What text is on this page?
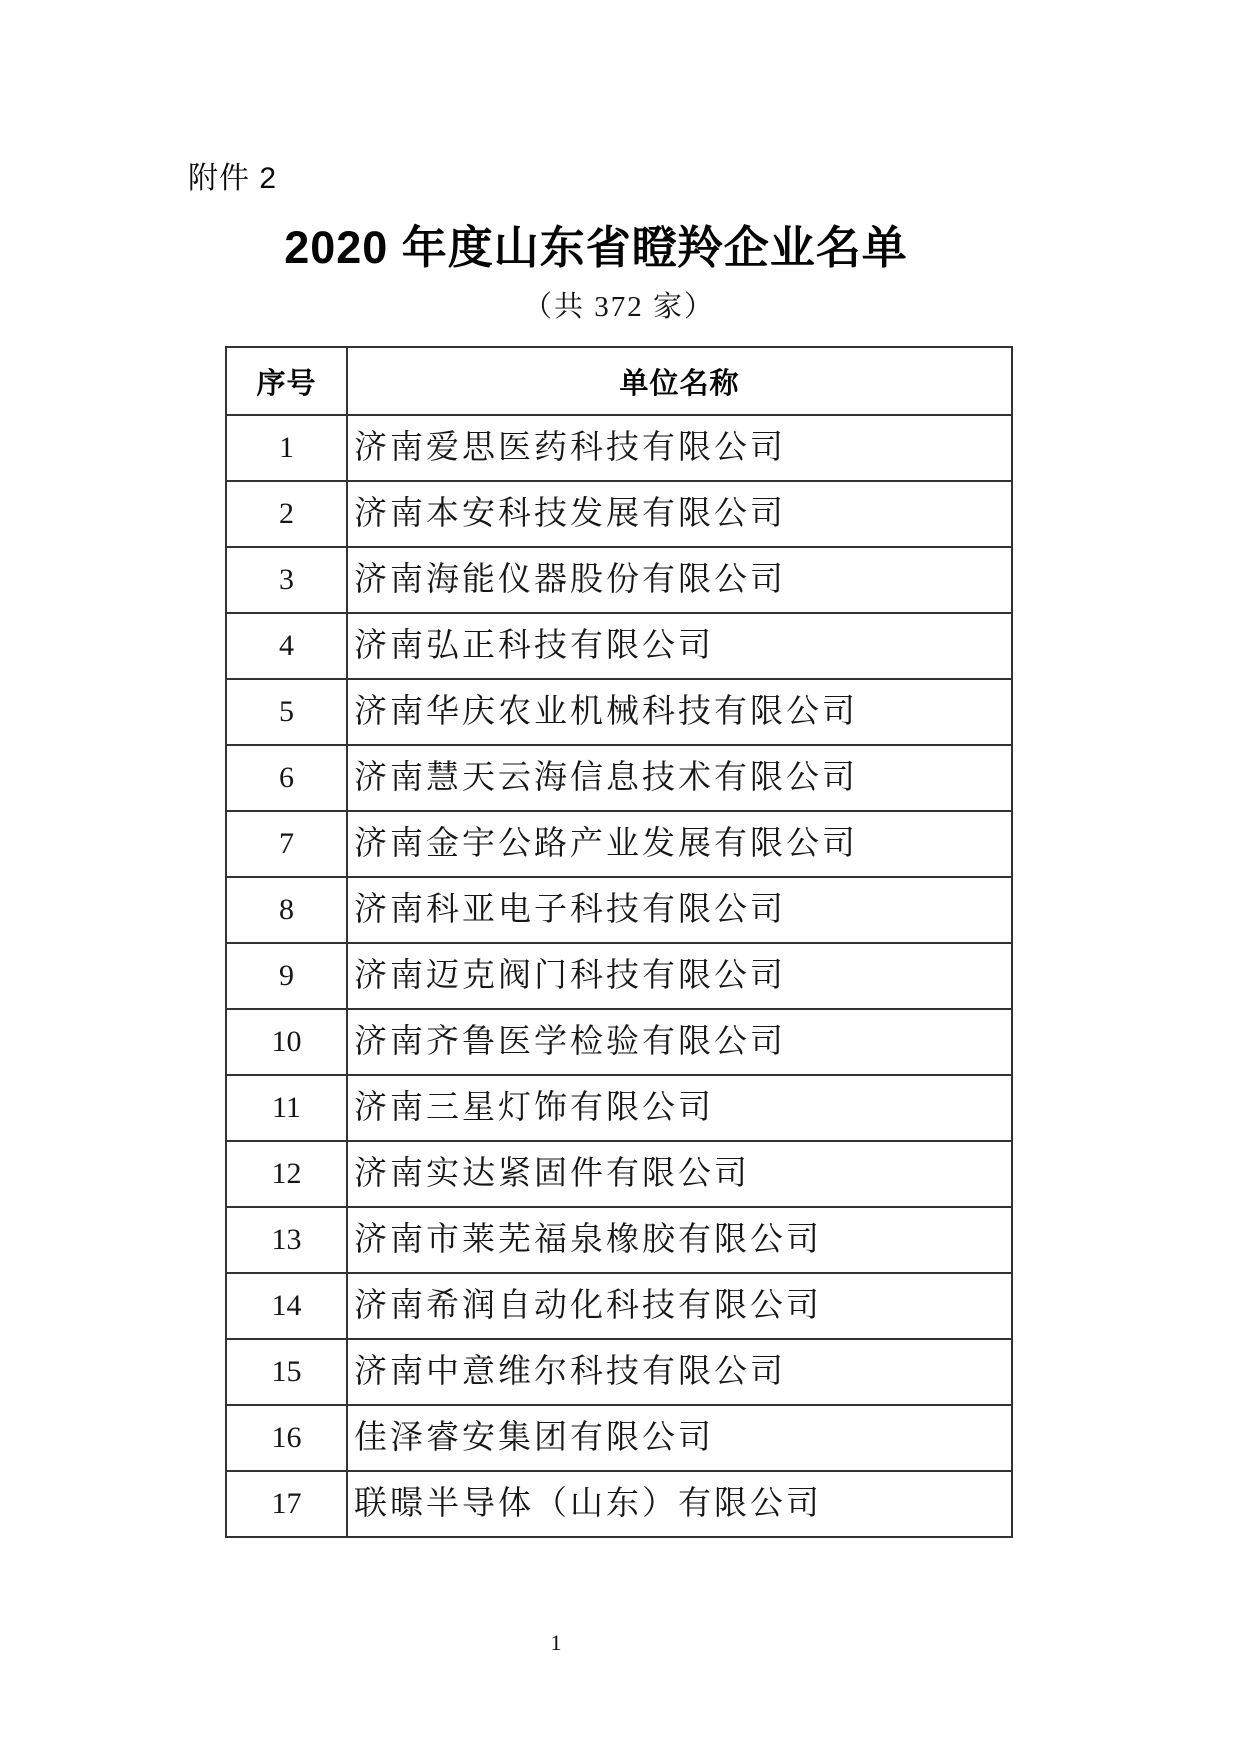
附件 2
2020 年度山东省瞪羚企业名单
（共 372 家）
序号	单位名称
1	济南爱思医药科技有限公司
2	济南本安科技发展有限公司
3	济南海能仪器股份有限公司
4	济南弘正科技有限公司
5	济南华庆农业机械科技有限公司
6	济南慧天云海信息技术有限公司
7	济南金宇公路产业发展有限公司
8	济南科亚电子科技有限公司
9	济南迈克阀门科技有限公司
10	济南齐鲁医学检验有限公司
11	济南三星灯饰有限公司
12	济南实达紧固件有限公司
13	济南市莱芜福泉橡胶有限公司
14	济南希润自动化科技有限公司
15	济南中意维尔科技有限公司
16	佳泽睿安集团有限公司
17	联暻半导体（山东）有限公司
1
